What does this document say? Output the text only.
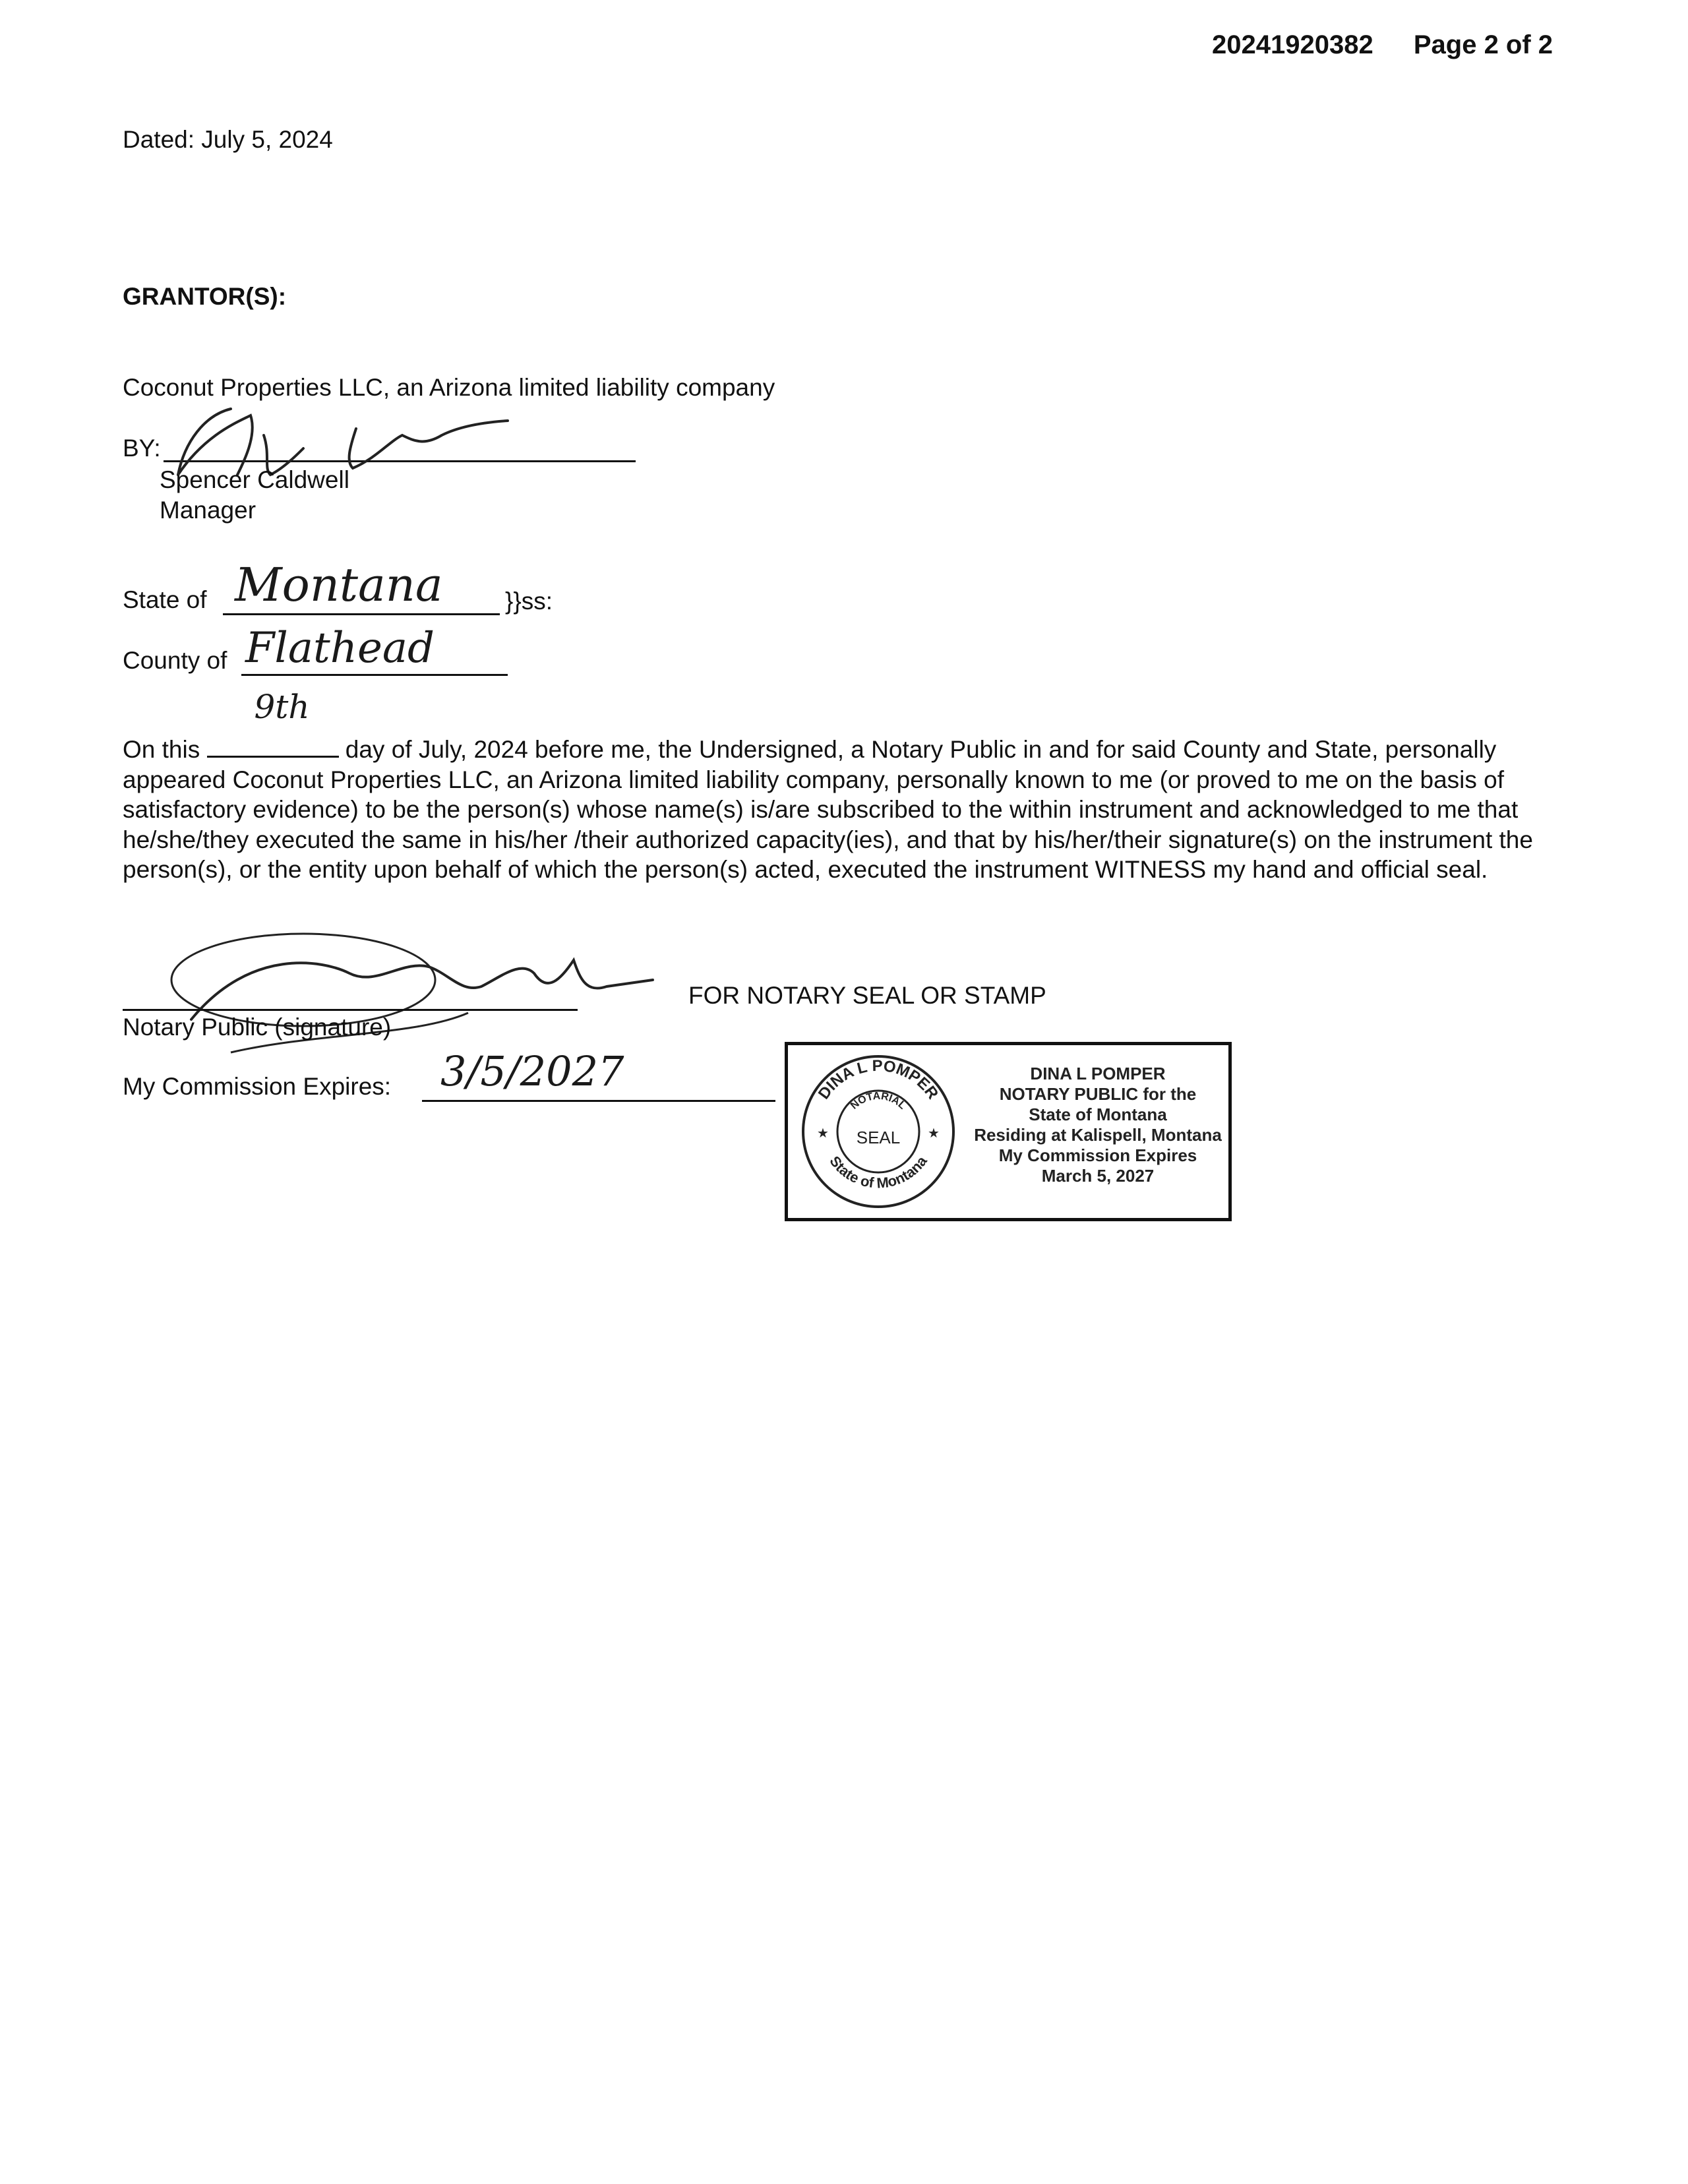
20241920382 Page 2 of 2
Dated: July 5, 2024
GRANTOR(S):
Coconut Properties LLC, an Arizona limited liability company
BY:
Spencer Caldwell
Manager
State of Montana	}}ss:
County of Flathead
On this
9th
day of July, 2024 before me, the Undersigned, a Notary Public in and for said County and State, personally appeared Coconut Properties LLC, an Arizona limited liability company, personally known to me (or proved to me on the basis of satisfactory evidence) to be the person(s) whose name(s) is/are subscribed to the within instrument and acknowledged to me that he/she/they executed the same in his/her /their authorized capacity(ies), and that by his/her/their signature(s) on the instrument the person(s), or the entity upon behalf of which the person(s) acted, executed the instrument WITNESS my hand and official seal.
FOR NOTARY SEAL OR STAMP
Notary Public (signature)
My Commission Expires: 3/5/2027	DINA L POMPER
State of Montana
NOTARIAL
SEAL
★	★
DINA L POMPER
NOTARY PUBLIC for the
State of Montana
Residing at Kalispell, Montana
My Commission Expires
March 5, 2027
